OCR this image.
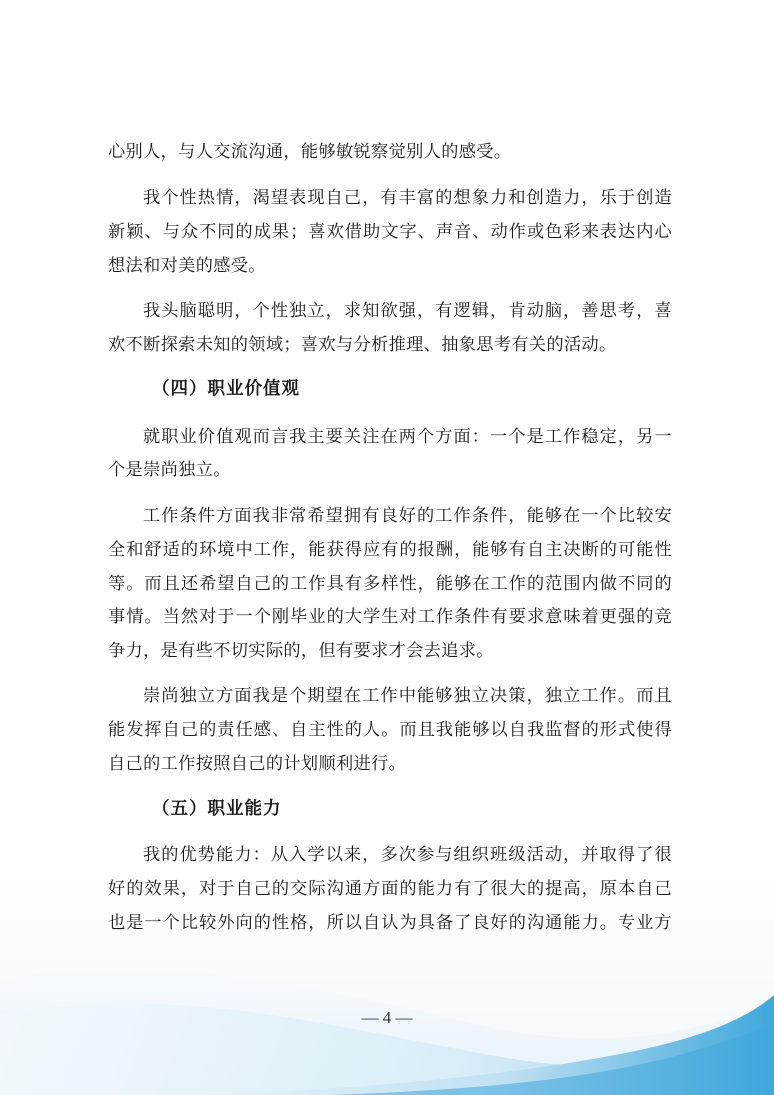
心别人，与人交流沟通，能够敏锐察觉别人的感受。
我个性热情，渴望表现自己，有丰富的想象力和创造力，乐于创造
新颖、与众不同的成果；喜欢借助文字、声音、动作或色彩来表达内心
想法和对美的感受。
我头脑聪明，个性独立，求知欲强，有逻辑，肯动脑，善思考，喜
欢不断探索未知的领域；喜欢与分析推理、抽象思考有关的活动。
（四）职业价值观
就职业价值观而言我主要关注在两个方面：一个是工作稳定，另一
个是崇尚独立。
工作条件方面我非常希望拥有良好的工作条件，能够在一个比较安
全和舒适的环境中工作，能获得应有的报酬，能够有自主决断的可能性
等。而且还希望自己的工作具有多样性，能够在工作的范围内做不同的
事情。当然对于一个刚毕业的大学生对工作条件有要求意味着更强的竞
争力，是有些不切实际的，但有要求才会去追求。
崇尚独立方面我是个期望在工作中能够独立决策，独立工作。而且
能发挥自己的责任感、自主性的人。而且我能够以自我监督的形式使得
自己的工作按照自己的计划顺利进行。
（五）职业能力
我的优势能力：从入学以来，多次参与组织班级活动，并取得了很
好的效果，对于自己的交际沟通方面的能力有了很大的提高，原本自己
也是一个比较外向的性格，所以自认为具备了良好的沟通能力。专业方
— 4 —
